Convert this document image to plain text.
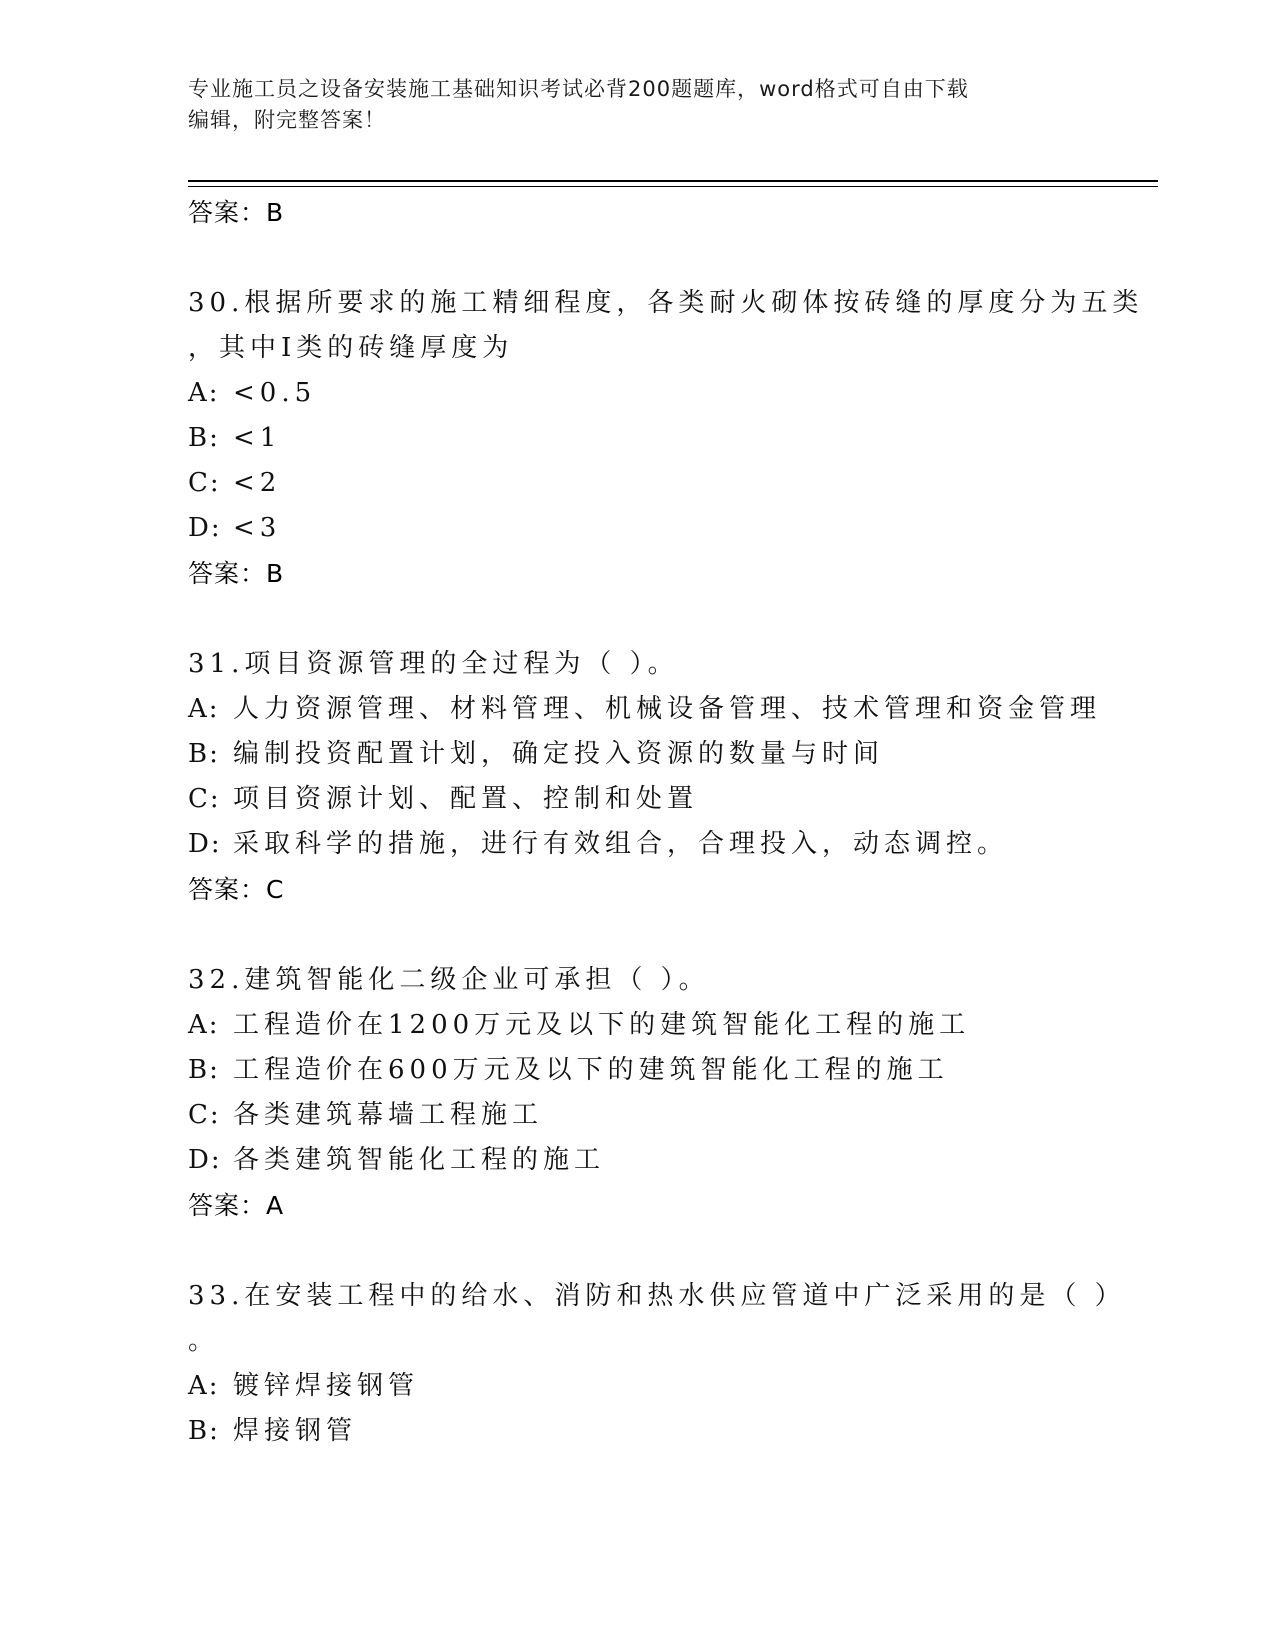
专业施工员之设备安装施工基础知识考试必背200题题库，word格式可自由下载
编辑，附完整答案！
答案：B
30.根据所要求的施工精细程度，各类耐火砌体按砖缝的厚度分为五类
，其中Ⅰ类的砖缝厚度为
A: <0.5
B: <1
C: <2
D: <3
答案：B
31.项目资源管理的全过程为（ ）。
A: 人力资源管理、材料管理、机械设备管理、技术管理和资金管理
B: 编制投资配置计划，确定投入资源的数量与时间
C: 项目资源计划、配置、控制和处置
D: 采取科学的措施，进行有效组合，合理投入，动态调控。
答案：C
32.建筑智能化二级企业可承担（ ）。
A: 工程造价在1200万元及以下的建筑智能化工程的施工
B: 工程造价在600万元及以下的建筑智能化工程的施工
C: 各类建筑幕墙工程施工
D: 各类建筑智能化工程的施工
答案：A
33.在安装工程中的给水、消防和热水供应管道中广泛采用的是（ ）
。
A: 镀锌焊接钢管
B: 焊接钢管
